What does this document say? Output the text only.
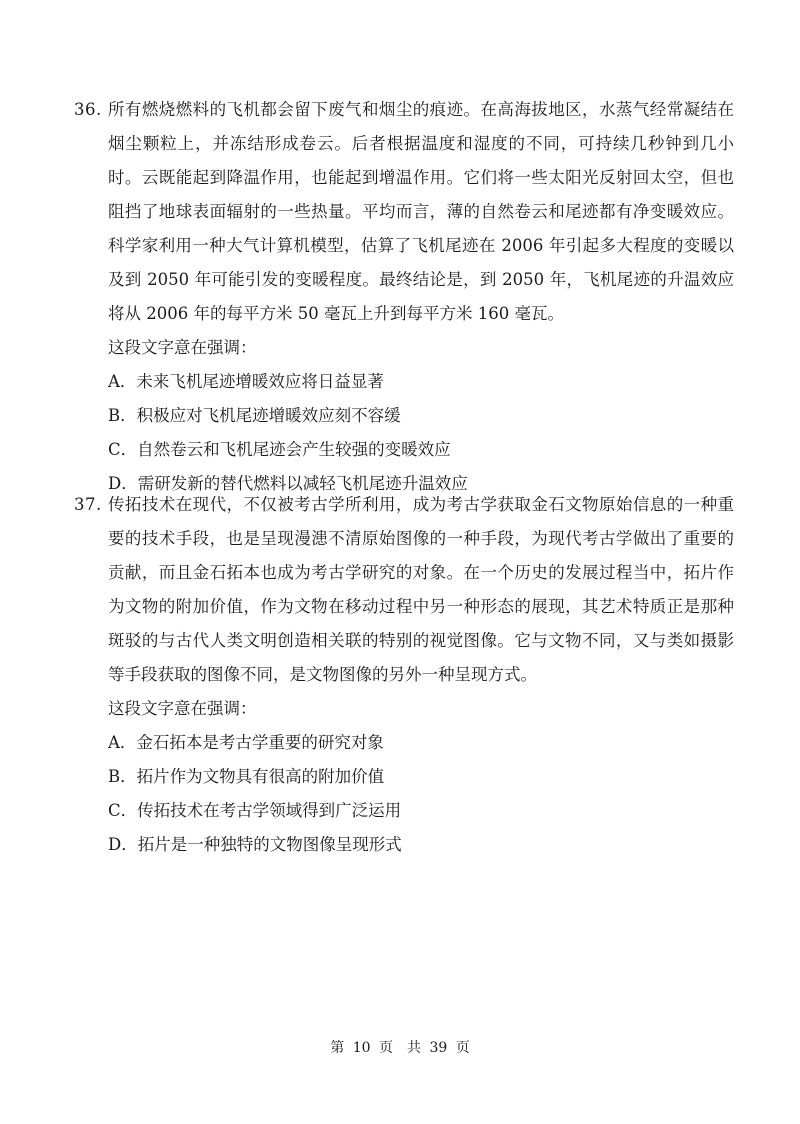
36. 所有燃烧燃料的飞机都会留下废气和烟尘的痕迹。在高海拔地区，水蒸气经常凝结在烟尘颗粒上，并冻结形成卷云。后者根据温度和湿度的不同，可持续几秒钟到几小时。云既能起到降温作用，也能起到增温作用。它们将一些太阳光反射回太空，但也阻挡了地球表面辐射的一些热量。平均而言，薄的自然卷云和尾迹都有净变暖效应。科学家利用一种大气计算机模型，估算了飞机尾迹在 2006 年引起多大程度的变暖以及到 2050 年可能引发的变暖程度。最终结论是，到 2050 年，飞机尾迹的升温效应将从 2006 年的每平方米 50 毫瓦上升到每平方米 160 毫瓦。

这段文字意在强调：

A．未来飞机尾迹增暖效应将日益显著
B．积极应对飞机尾迹增暖效应刻不容缓
C．自然卷云和飞机尾迹会产生较强的变暖效应
D．需研发新的替代燃料以减轻飞机尾迹升温效应
37. 传拓技术在现代，不仅被考古学所利用，成为考古学获取金石文物原始信息的一种重要的技术手段，也是呈现漫漶不清原始图像的一种手段，为现代考古学做出了重要的贡献，而且金石拓本也成为考古学研究的对象。在一个历史的发展过程当中，拓片作为文物的附加价值，作为文物在移动过程中另一种形态的展现，其艺术特质正是那种斑驳的与古代人类文明创造相关联的特别的视觉图像。它与文物不同，又与类如摄影等手段获取的图像不同，是文物图像的另外一种呈现方式。

这段文字意在强调：

A．金石拓本是考古学重要的研究对象
B．拓片作为文物具有很高的附加价值
C．传拓技术在考古学领域得到广泛运用
D．拓片是一种独特的文物图像呈现形式
第 10 页　共 39 页
